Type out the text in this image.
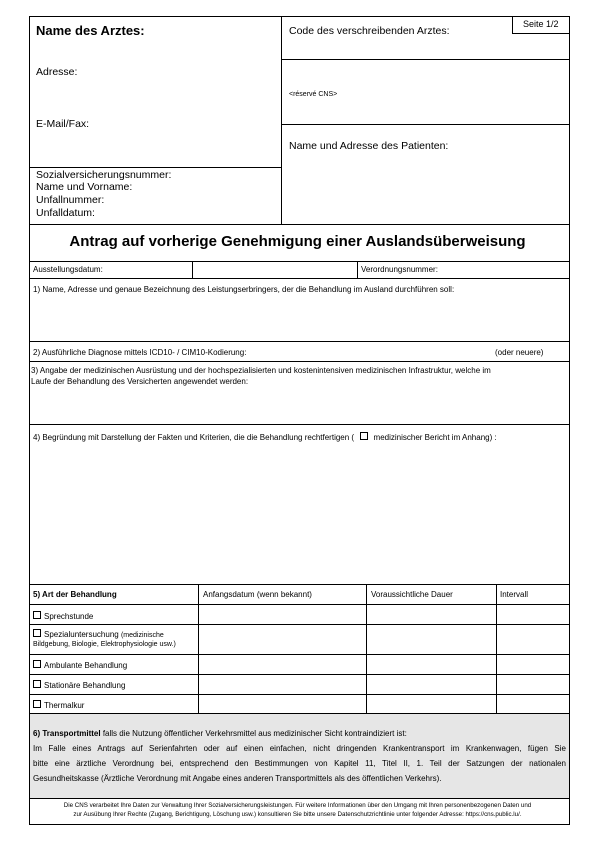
Name des Arztes:
Adresse:
E-Mail/Fax:
Sozialversicherungsnummer:
Name und Vorname:
Unfallnummer:
Unfalldatum:
Code des verschreibenden Arztes:
Seite 1/2
<réservé CNS>
Name und Adresse des Patienten:
Antrag auf vorherige Genehmigung einer Auslandsüberweisung
Ausstellungsdatum:	Verordnungsnummer:
1) Name, Adresse und genaue Bezeichnung des Leistungserbringers, der die Behandlung im Ausland durchführen soll:
2) Ausführliche Diagnose mittels ICD10- / CIM10-Kodierung:	(oder neuere)
3) Angabe der medizinischen Ausrüstung und der hochspezialisierten und kostenintensiven medizinischen Infrastruktur, welche im
Laufe der Behandlung des Versicherten angewendet werden:
4) Begründung mit Darstellung der Fakten und Kriterien, die die Behandlung rechtfertigen ( medizinischer Bericht im Anhang) :
5) Art der Behandlung	Anfangsdatum (wenn bekannt)	Voraussichtliche Dauer	Intervall
Sprechstunde
Spezialuntersuchung (medizinische
Bildgebung, Biologie, Elektrophysiologie usw.)
Ambulante Behandlung
Stationäre Behandlung
Thermalkur
6) Transportmittel falls die Nutzung öffentlicher Verkehrsmittel aus medizinischer Sicht kontraindiziert ist:
Im Falle eines Antrags auf Serienfahrten oder auf einen einfachen, nicht dringenden Krankentransport im Krankenwagen, fügen Sie
bitte eine ärztliche Verordnung bei, entsprechend den Bestimmungen von Kapitel 11, Titel II, 1. Teil der Satzungen der nationalen
Gesundheitskasse (Ärztliche Verordnung mit Angabe eines anderen Transportmittels als des öffentlichen Verkehrs).
Die CNS verarbeitet Ihre Daten zur Verwaltung Ihrer Sozialversicherungsleistungen. Für weitere Informationen über den Umgang mit Ihren personenbezogenen Daten und
zur Ausübung Ihrer Rechte (Zugang, Berichtigung, Löschung usw.) konsultieren Sie bitte unsere Datenschutzrichtlinie unter folgender Adresse: https://cns.public.lu/.
